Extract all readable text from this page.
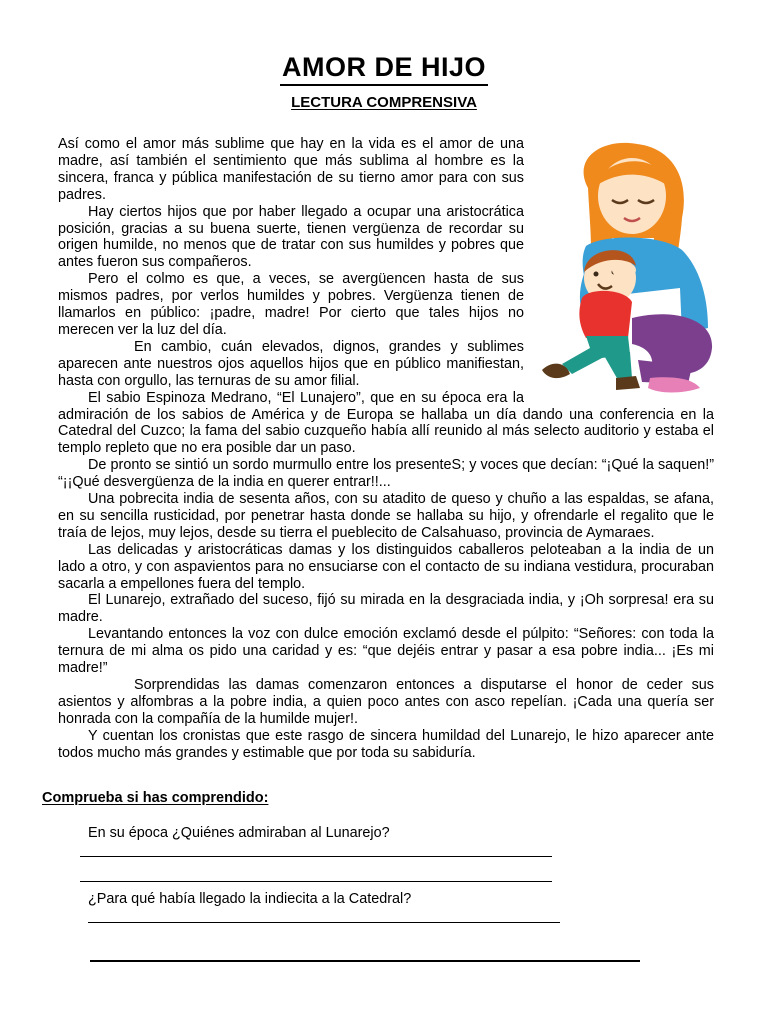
AMOR DE HIJO
LECTURA COMPRENSIVA

Así como el amor más sublime que hay en la vida es el amor de una madre, así también el sentimiento que más sublima al hombre es la sincera, franca y pública manifestación de su tierno amor para con sus padres.

Hay ciertos hijos que por haber llegado a ocupar una aristocrática posición, gracias a su buena suerte, tienen vergüenza de recordar su origen humilde, no menos que de tratar con sus humildes y pobres que antes fueron sus compañeros.

Pero el colmo es que, a veces, se avergüencen hasta de sus mismos padres, por verlos humildes y pobres. Vergüenza tienen de llamarlos en público: ¡padre, madre! Por cierto que tales hijos no merecen ver la luz del día.

En cambio, cuán elevados, dignos, grandes y sublimes aparecen ante nuestros ojos aquellos hijos que en público manifiestan, hasta con orgullo, las ternuras de su amor filial.

El sabio Espinoza Medrano, “El Lunajero”, que en su época era la admiración de los sabios de América y de Europa se hallaba un día dando una conferencia en la Catedral del Cuzco; la fama del sabio cuzqueño había allí reunido al más selecto auditorio y estaba el templo repleto que no era posible dar un paso.

De pronto se sintió un sordo murmullo entre los presenteS; y voces que decían: “¡Qué la saquen!” “¡¡Qué desvergüenza de la india en querer entrar!!...

Una pobrecita india de sesenta años, con su atadito de queso y chuño a las espaldas, se afana, en su sencilla rusticidad, por penetrar hasta donde se hallaba su hijo, y ofrendarle el regalito que le traía de lejos, muy lejos, desde su tierra el pueblecito de Calsahuaso, provincia de Aymaraes.

Las delicadas y aristocráticas damas y los distinguidos caballeros peloteaban a la india de un lado a otro, y con aspavientos para no ensuciarse con el contacto de su indiana vestidura, procuraban sacarla a empellones fuera del templo.

El Lunarejo, extrañado del suceso, fijó su mirada en la desgraciada india, y ¡Oh sorpresa! era su madre.

Levantando entonces la voz con dulce emoción exclamó desde el púlpito: “Señores: con toda la ternura de mi alma os pido una caridad y es: “que dejéis entrar y pasar a esa pobre india... ¡Es mi madre!”

Sorprendidas las damas comenzaron entonces a disputarse el honor de ceder sus asientos y alfombras a la pobre india, a quien poco antes con asco repelían. ¡Cada una quería ser honrada con la compañía de la humilde mujer!.

Y cuentan los cronistas que este rasgo de sincera humildad del Lunarejo, le hizo aparecer ante todos mucho más grandes y estimable que por toda su sabiduría.

Comprueba si has comprendido:
En su época ¿Quiénes admiraban al Lunarejo?
¿Para qué había llegado la indiecita a la Catedral?
